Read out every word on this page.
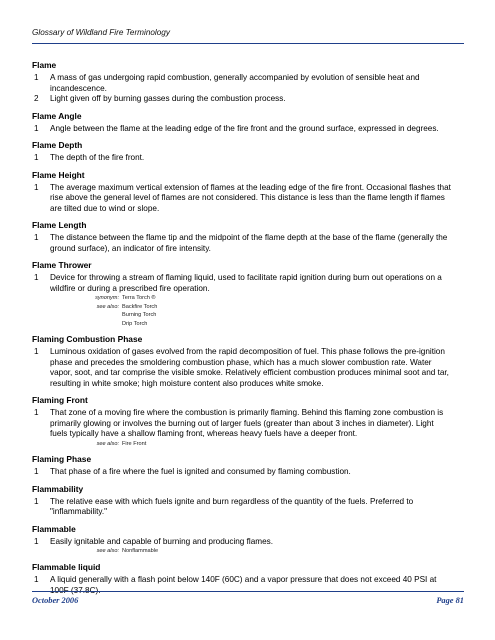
Glossary of Wildland Fire Terminology
Flame
1	A mass of gas undergoing rapid combustion, generally accompanied by evolution of sensible heat and incandescence.
2	Light given off by burning gasses during the combustion process.
Flame Angle
1	Angle between the flame at the leading edge of the fire front and the ground surface, expressed in degrees.
Flame Depth
1	The depth of the fire front.
Flame Height
1	The average maximum vertical extension of flames at the leading edge of the fire front. Occasional flashes that rise above the general level of flames are not considered. This distance is less than the flame length if flames are tilted due to wind or slope.
Flame Length
1	The distance between the flame tip and the midpoint of the flame depth at the base of the flame (generally the ground surface), an indicator of fire intensity.
Flame Thrower
1	Device for throwing a stream of flaming liquid, used to facilitate rapid ignition during burn out operations on a wildfire or during a prescribed fire operation.
synonym: Terra Torch ®
see also: Backfire Torch
Burning Torch
Drip Torch
Flaming Combustion Phase
1	Luminous oxidation of gases evolved from the rapid decomposition of fuel. This phase follows the pre-ignition phase and precedes the smoldering combustion phase, which has a much slower combustion rate. Water vapor, soot, and tar comprise the visible smoke. Relatively efficient combustion produces minimal soot and tar, resulting in white smoke; high moisture content also produces white smoke.
Flaming Front
1	That zone of a moving fire where the combustion is primarily flaming. Behind this flaming zone combustion is primarily glowing or involves the burning out of larger fuels (greater than about 3 inches in diameter). Light fuels typically have a shallow flaming front, whereas heavy fuels have a deeper front.
see also: Fire Front
Flaming Phase
1	That phase of a fire where the fuel is ignited and consumed by flaming combustion.
Flammability
1	The relative ease with which fuels ignite and burn regardless of the quantity of the fuels. Preferred to "inflammability."
Flammable
1	Easily ignitable and capable of burning and producing flames.
see also: Nonflammable
Flammable liquid
1	A liquid generally with a flash point below 140F (60C) and a vapor pressure that does not exceed 40 PSI at 100F (37.8C).
October 2006	Page 81
